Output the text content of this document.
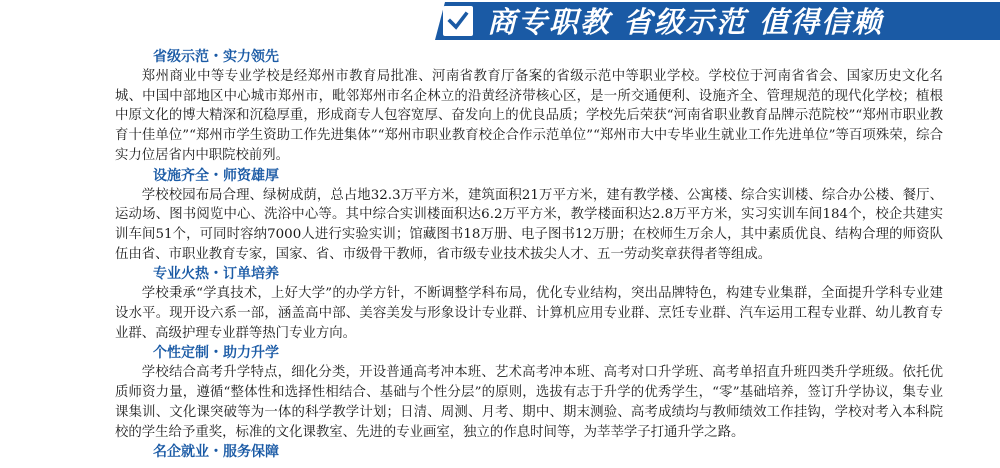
商专职教 省级示范 值得信赖
省级示范・实力领先

郑州商业中等专业学校是经郑州市教育局批准、河南省教育厅备案的省级示范中等职业学校。学校位于河南省省会、国家历史文化名城、中国中部地区中心城市郑州市，毗邻郑州市名企林立的沿黄经济带核心区，是一所交通便利、设施齐全、管理规范的现代化学校；植根中原文化的博大精深和沉稳厚重，形成商专人包容宽厚、奋发向上的优良品质；学校先后荣获“河南省职业教育品牌示范院校”“郑州市职业教育十佳单位”“郑州市学生资助工作先进集体”“郑州市职业教育校企合作示范单位”“郑州市大中专毕业生就业工作先进单位”等百项殊荣，综合实力位居省内中职院校前列。

设施齐全・师资雄厚

学校校园布局合理、绿树成荫，总占地32.3万平方米，建筑面积21万平方米，建有教学楼、公寓楼、综合实训楼、综合办公楼、餐厅、运动场、图书阅览中心、洗浴中心等。其中综合实训楼面积达6.2万平方米，教学楼面积达2.8万平方米，实习实训车间184个，校企共建实训车间51个，可同时容纳7000人进行实验实训；馆藏图书18万册、电子图书12万册；在校师生万余人，其中素质优良、结构合理的师资队伍由省、市职业教育专家，国家、省、市级骨干教师，省市级专业技术拔尖人才、五一劳动奖章获得者等组成。

专业火热・订单培养

学校秉承“学真技术，上好大学”的办学方针，不断调整学科布局，优化专业结构，突出品牌特色，构建专业集群，全面提升学科专业建设水平。现开设六系一部，涵盖高中部、美容美发与形象设计专业群、计算机应用专业群、烹饪专业群、汽车运用工程专业群、幼儿教育专业群、高级护理专业群等热门专业方向。

个性定制・助力升学

学校结合高考升学特点，细化分类，开设普通高考冲本班、艺术高考冲本班、高考对口升学班、高考单招直升班四类升学班级。依托优质师资力量，遵循“整体性和选择性相结合、基础与个性分层”的原则，选拔有志于升学的优秀学生，“零”基础培养，签订升学协议，集专业课集训、文化课突破等为一体的科学教学计划；日清、周测、月考、期中、期末测验、高考成绩均与教师绩效工作挂钩，学校对考入本科院校的学生给予重奖，标准的文化课教室、先进的专业画室，独立的作息时间等，为莘莘学子打通升学之路。

名企就业・服务保障
